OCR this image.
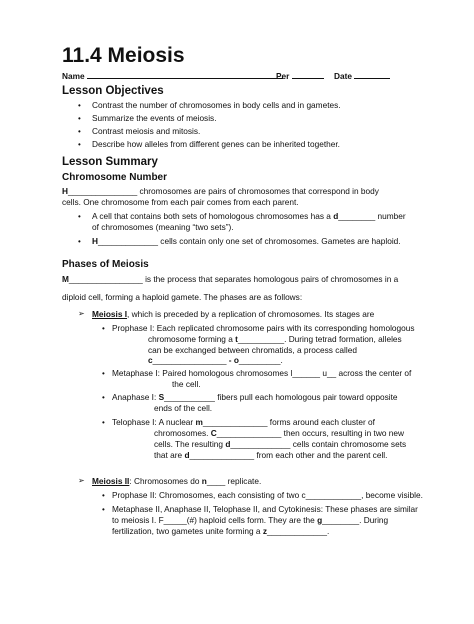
11.4 Meiosis
Name	Per	Date
Lesson Objectives
• Contrast the number of chromosomes in body cells and in gametes.
• Summarize the events of meiosis.
• Contrast meiosis and mitosis.
• Describe how alleles from different genes can be inherited together.
Lesson Summary
Chromosome Number
H_______________ chromosomes are pairs of chromosomes that correspond in body
cells. One chromosome from each pair comes from each parent.
• A cell that contains both sets of homologous chromosomes has a d________ number
of chromosomes (meaning “two sets”).
• H_____________ cells contain only one set of chromosomes. Gametes are haploid.
Phases of Meiosis
M________________ is the process that separates homologous pairs of chromosomes in a
diploid cell, forming a haploid gamete. The phases are as follows:
➢ Meiosis I, which is preceded by a replication of chromosomes. Its stages are
• Prophase I: Each replicated chromosome pairs with its corresponding homologous
chromosome forming a t__________. During tetrad formation, alleles
can be exchanged between chromatids, a process called
c________________ - o_________.
• Metaphase I: Paired homologous chromosomes l______ u__ across the center of
the cell.
• Anaphase I: S___________ fibers pull each homologous pair toward opposite
ends of the cell.
• Telophase I: A nuclear m______________ forms around each cluster of
chromosomes. C______________ then occurs, resulting in two new
cells. The resulting d_____________ cells contain chromosome sets
that are d______________ from each other and the parent cell.
➢ Meiosis II: Chromosomes do n____ replicate.
• Prophase II: Chromosomes, each consisting of two c____________, become visible.
• Metaphase II, Anaphase II, Telophase II, and Cytokinesis: These phases are similar
to meiosis I. F_____(#) haploid cells form. They are the g________. During
fertilization, two gametes unite forming a z_____________.
